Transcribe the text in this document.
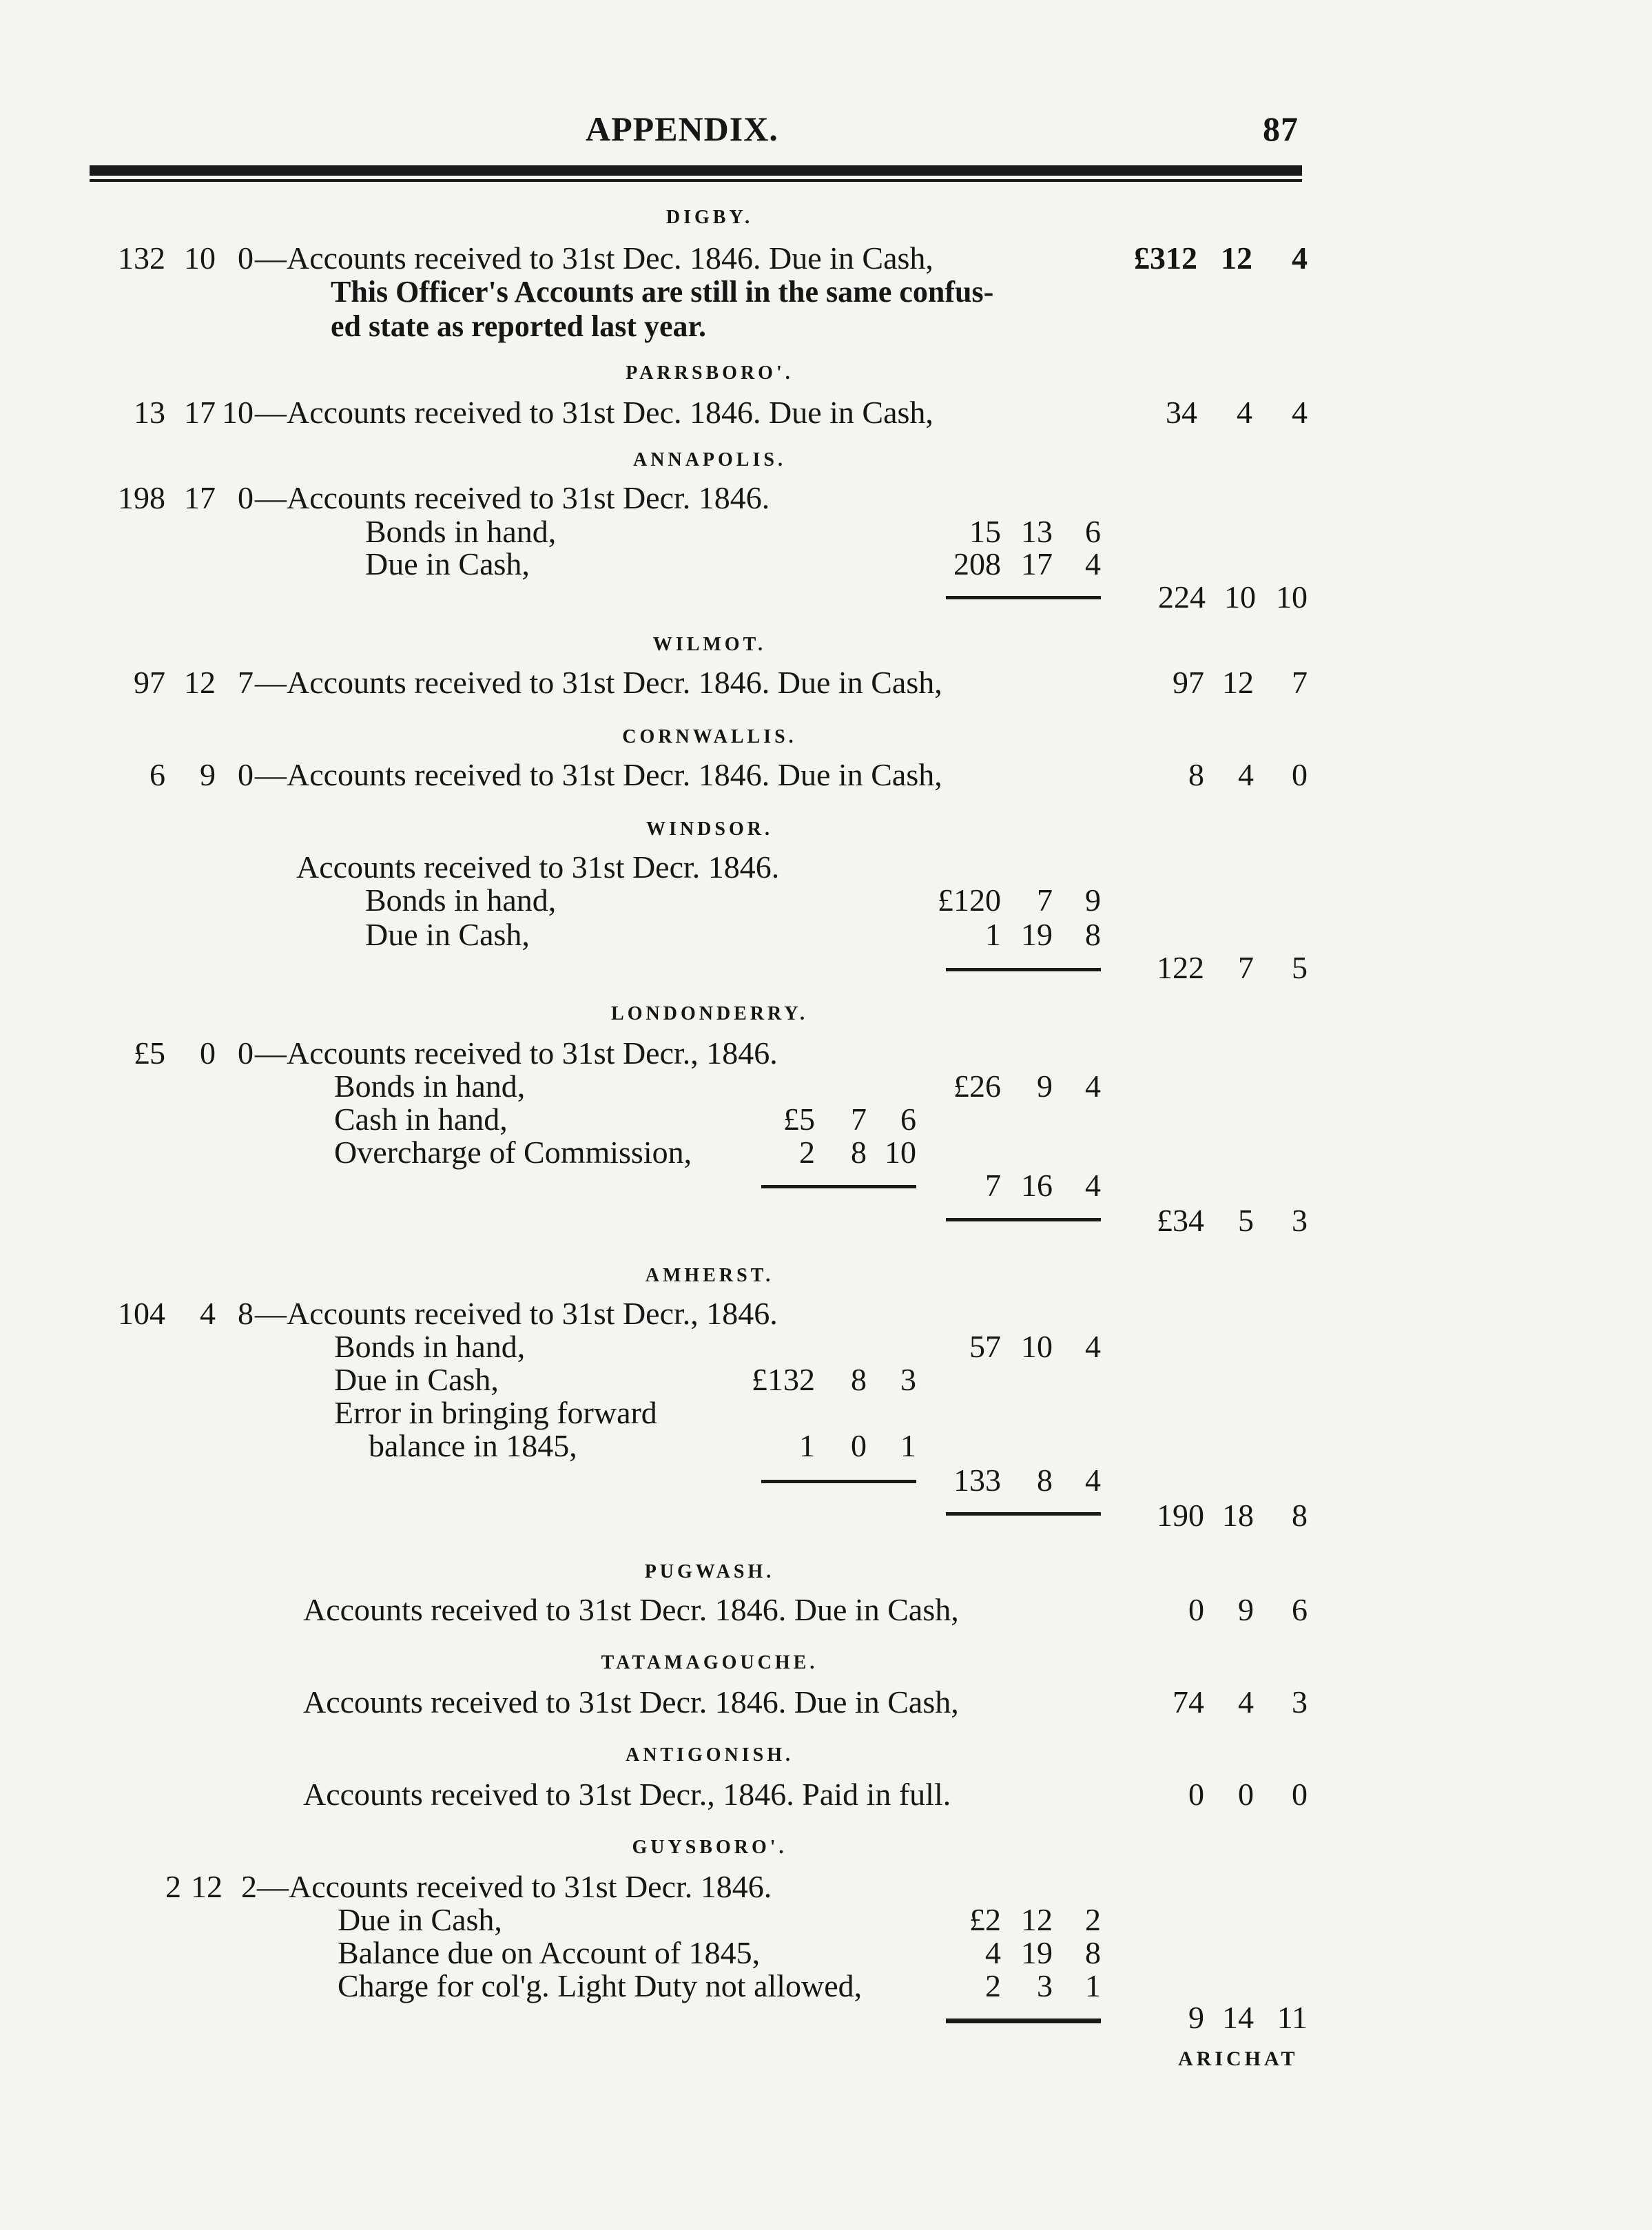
APPENDIX.	87
DIGBY.
132 10 0 —Accounts received to 31st Dec. 1846. Due in Cash,	£312 12 4
This Officer's Accounts are still in the same confus-
ed state as reported last year.
PARRSBORO'.
13 17 10 —Accounts received to 31st Dec. 1846. Due in Cash,	34 4 4
ANNAPOLIS.
198 17 0 —Accounts received to 31st Decr. 1846.
Bonds in hand,	15 13 6
Due in Cash,	208 17 4
224 10 10
WILMOT.
97 12 7 —Accounts received to 31st Decr. 1846. Due in Cash,	97 12 7
CORNWALLIS.
6 9 0 —Accounts received to 31st Decr. 1846. Due in Cash,	8 4 0
WINDSOR.
Accounts received to 31st Decr. 1846.
Bonds in hand,	£120 7 9
Due in Cash,	1 19 8
122 7 5
LONDONDERRY.
£5 0 0 —Accounts received to 31st Decr., 1846.
Bonds in hand,	£26 9 4
Cash in hand,	£5 7 6
Overcharge of Commission,	2 8 10
7 16 4
£34 5 3
AMHERST.
104 4 8 —Accounts received to 31st Decr., 1846.
Bonds in hand,	57 10 4
Due in Cash,	£132 8 3
Error in bringing forward
balance in 1845,	1 0 1
133 8 4
190 18 8
PUGWASH.
Accounts received to 31st Decr. 1846. Due in Cash,	0 9 6
TATAMAGOUCHE.
Accounts received to 31st Decr. 1846. Due in Cash,	74 4 3
ANTIGONISH.
Accounts received to 31st Decr., 1846. Paid in full.	0 0 0
GUYSBORO'.
2 12 2 —Accounts received to 31st Decr. 1846.
Due in Cash,	£2 12 2
Balance due on Account of 1845,	4 19 8
Charge for col'g. Light Duty not allowed,	2 3 1
9 14 11
ARICHAT
